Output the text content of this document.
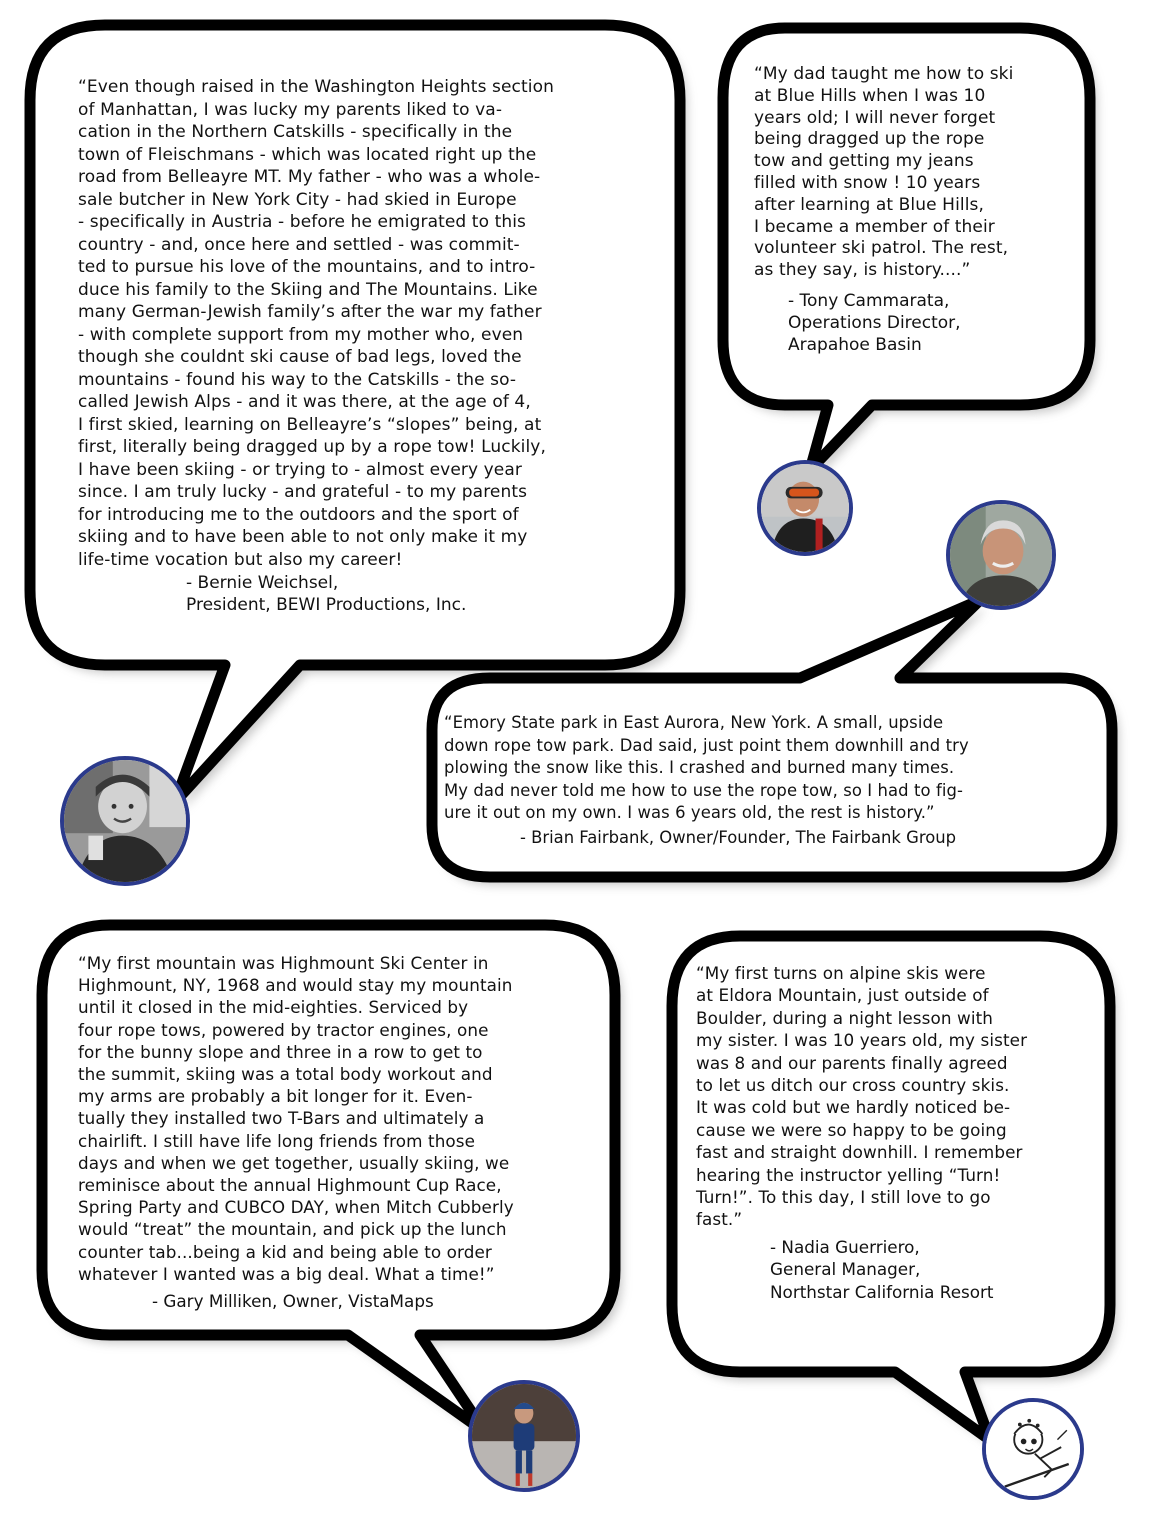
“Even though raised in the Washington Heights section
of Manhattan, I was lucky my parents liked to va-
cation in the Northern Catskills - specifically in the
town of Fleischmans - which was located right up the
road from Belleayre MT. My father - who was a whole-
sale butcher in New York City - had skied in Europe
- specifically in Austria - before he emigrated to this
country - and, once here and settled - was commit-
ted to pursue his love of the mountains, and to intro-
duce his family to the Skiing and The Mountains. Like
many German-Jewish family’s after the war my father
- with complete support from my mother who, even
though she couldnt ski cause of bad legs, loved the
mountains - found his way to the Catskills - the so-
called Jewish Alps - and it was there, at the age of 4,
I first skied, learning on Belleayre’s “slopes” being, at
first, literally being dragged up by a rope tow! Luckily,
I have been skiing - or trying to - almost every year
since. I am truly lucky - and grateful - to my parents
for introducing me to the outdoors and the sport of
skiing and to have been able to not only make it my
life-time vocation but also my career!

- Bernie Weichsel,
President, BEWI Productions, Inc.

“My dad taught me how to ski
at Blue Hills when I was 10
years old; I will never forget
being dragged up the rope
tow and getting my jeans
filled with snow ! 10 years
after learning at Blue Hills,
I became a member of their
volunteer ski patrol. The rest,
as they say, is history....”

- Tony Cammarata,
Operations Director,
Arapahoe Basin

“Emory State park in East Aurora, New York. A small, upside
down rope tow park. Dad said, just point them downhill and try
plowing the snow like this. I crashed and burned many times.
My dad never told me how to use the rope tow, so I had to fig-
ure it out on my own. I was 6 years old, the rest is history.”

- Brian Fairbank, Owner/Founder, The Fairbank Group

“My first mountain was Highmount Ski Center in
Highmount, NY, 1968 and would stay my mountain
until it closed in the mid-eighties. Serviced by
four rope tows, powered by tractor engines, one
for the bunny slope and three in a row to get to
the summit, skiing was a total body workout and
my arms are probably a bit longer for it. Even-
tually they installed two T-Bars and ultimately a
chairlift. I still have life long friends from those
days and when we get together, usually skiing, we
reminisce about the annual Highmount Cup Race,
Spring Party and CUBCO DAY, when Mitch Cubberly
would “treat” the mountain, and pick up the lunch
counter tab...being a kid and being able to order
whatever I wanted was a big deal. What a time!”

- Gary Milliken, Owner, VistaMaps

“My first turns on alpine skis were
at Eldora Mountain, just outside of
Boulder, during a night lesson with
my sister. I was 10 years old, my sister
was 8 and our parents finally agreed
to let us ditch our cross country skis.
It was cold but we hardly noticed be-
cause we were so happy to be going
fast and straight downhill. I remember
hearing the instructor yelling “Turn!
Turn!”. To this day, I still love to go
fast.”

- Nadia Guerriero,
General Manager,
Northstar California Resort
